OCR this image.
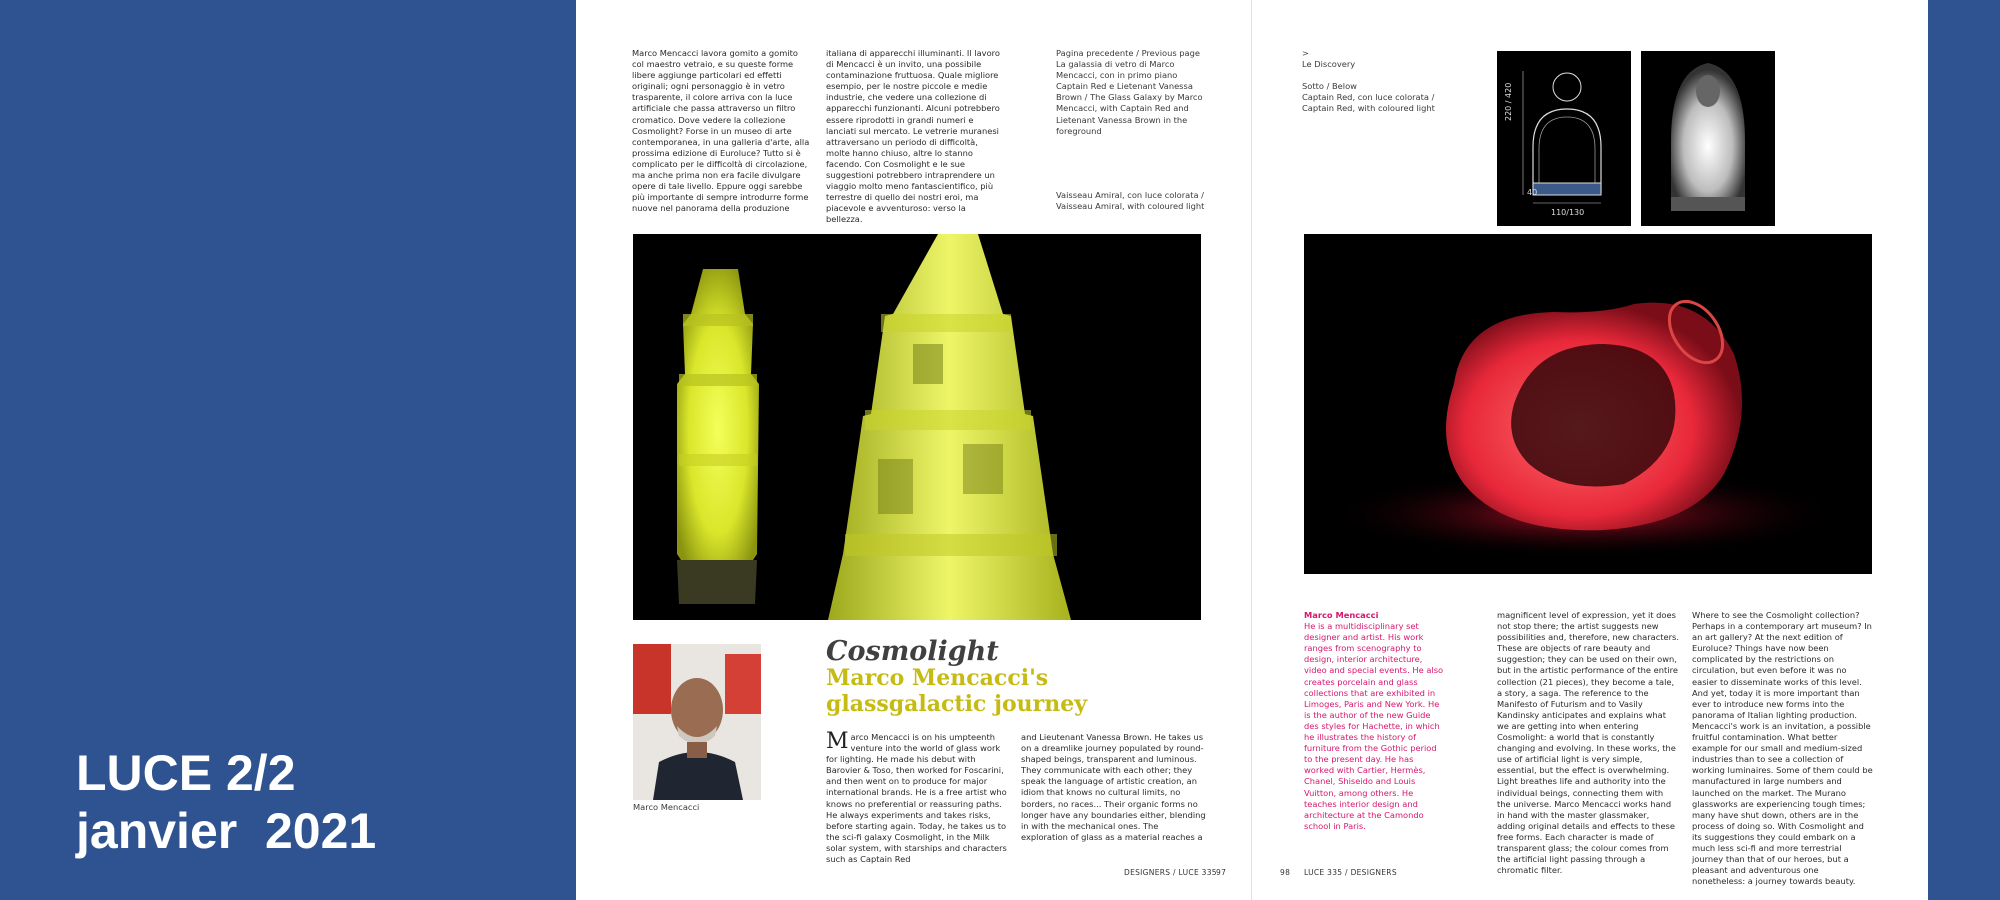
LUCE 2/2
janvier  2021
Marco Mencacci lavora gomito a gomito col maestro vetraio, e su queste forme libere aggiunge particolari ed effetti originali; ogni personaggio è in vetro trasparente, il colore arriva con la luce artificiale che passa attraverso un filtro cromatico. Dove vedere la collezione Cosmolight? Forse in un museo di arte contemporanea, in una galleria d'arte, alla prossima edizione di Euroluce? Tutto si è complicato per le difficoltà di circolazione, ma anche prima non era facile divulgare opere di tale livello. Eppure oggi sarebbe più importante di sempre introdurre forme nuove nel panorama della produzione
italiana di apparecchi illuminanti. Il lavoro di Mencacci è un invito, una possibile contaminazione fruttuosa. Quale migliore esempio, per le nostre piccole e medie industrie, che vedere una collezione di apparecchi funzionanti. Alcuni potrebbero essere riprodotti in grandi numeri e lanciati sul mercato. Le vetrerie muranesi attraversano un periodo di difficoltà, molte hanno chiuso, altre lo stanno facendo. Con Cosmolight e le sue suggestioni potrebbero intraprendere un viaggio molto meno fantascientifico, più terrestre di quello dei nostri eroi, ma piacevole e avventuroso: verso la bellezza.
Pagina precedente / Previous page La galassia di vetro di Marco Mencacci, con in primo piano Captain Red e Lietenant Vanessa Brown / The Glass Galaxy by Marco Mencacci, with Captain Red and Lietenant Vanessa Brown in the foreground
Vaisseau Amiral, con luce colorata / Vaisseau Amiral, with coloured light
Marco Mencacci
Cosmolight
Marco Mencacci's
glassgalactic journey
Marco Mencacci is on his umpteenth venture into the world of glass work for lighting. He made his debut with Barovier & Toso, then worked for Foscarini, and then went on to produce for major international brands. He is a free artist who knows no preferential or reassuring paths. He always experiments and takes risks, before starting again. Today, he takes us to the sci-fi galaxy Cosmolight, in the Milk solar system, with starships and characters such as Captain Red
and Lieutenant Vanessa Brown. He takes us on a dreamlike journey populated by round-shaped beings, transparent and luminous. They communicate with each other; they speak the language of artistic creation, an idiom that knows no cultural limits, no borders, no races... Their organic forms no longer have any boundaries either, blending in with the mechanical ones. The exploration of glass as a material reaches a
DESIGNERS / LUCE 335 97
>
Le Discovery

Sotto / Below
Captain Red, con luce colorata /
Captain Red, with coloured light	220 / 420
40
110/130
Marco Mencacci
He is a multidisciplinary set designer and artist. His work ranges from scenography to design, interior architecture, video and special events. He also creates porcelain and glass collections that are exhibited in Limoges, Paris and New York. He is the author of the new Guide des styles for Hachette, in which he illustrates the history of furniture from the Gothic period to the present day. He has worked with Cartier, Hermès, Chanel, Shiseido and Louis Vuitton, among others. He teaches interior design and architecture at the Camondo school in Paris.
magnificent level of expression, yet it does not stop there; the artist suggests new possibilities and, therefore, new characters. These are objects of rare beauty and suggestion; they can be used on their own, but in the artistic performance of the entire collection (21 pieces), they become a tale, a story, a saga. The reference to the Manifesto of Futurism and to Vasily Kandinsky anticipates and explains what we are getting into when entering Cosmolight: a world that is constantly changing and evolving. In these works, the use of artificial light is very simple, essential, but the effect is overwhelming. Light breathes life and authority into the individual beings, connecting them with the universe. Marco Mencacci works hand in hand with the master glassmaker, adding original details and effects to these free forms. Each character is made of transparent glass; the colour comes from the artificial light passing through a chromatic filter.
Where to see the Cosmolight collection? Perhaps in a contemporary art museum? In an art gallery? At the next edition of Euroluce? Things have now been complicated by the restrictions on circulation, but even before it was no easier to disseminate works of this level. And yet, today it is more important than ever to introduce new forms into the panorama of Italian lighting production. Mencacci's work is an invitation, a possible fruitful contamination. What better example for our small and medium-sized industries than to see a collection of working luminaires. Some of them could be manufactured in large numbers and launched on the market. The Murano glassworks are experiencing tough times; many have shut down, others are in the process of doing so. With Cosmolight and its suggestions they could embark on a much less sci-fi and more terrestrial journey than that of our heroes, but a pleasant and adventurous one nonetheless: a journey towards beauty.
98 LUCE 335 / DESIGNERS
